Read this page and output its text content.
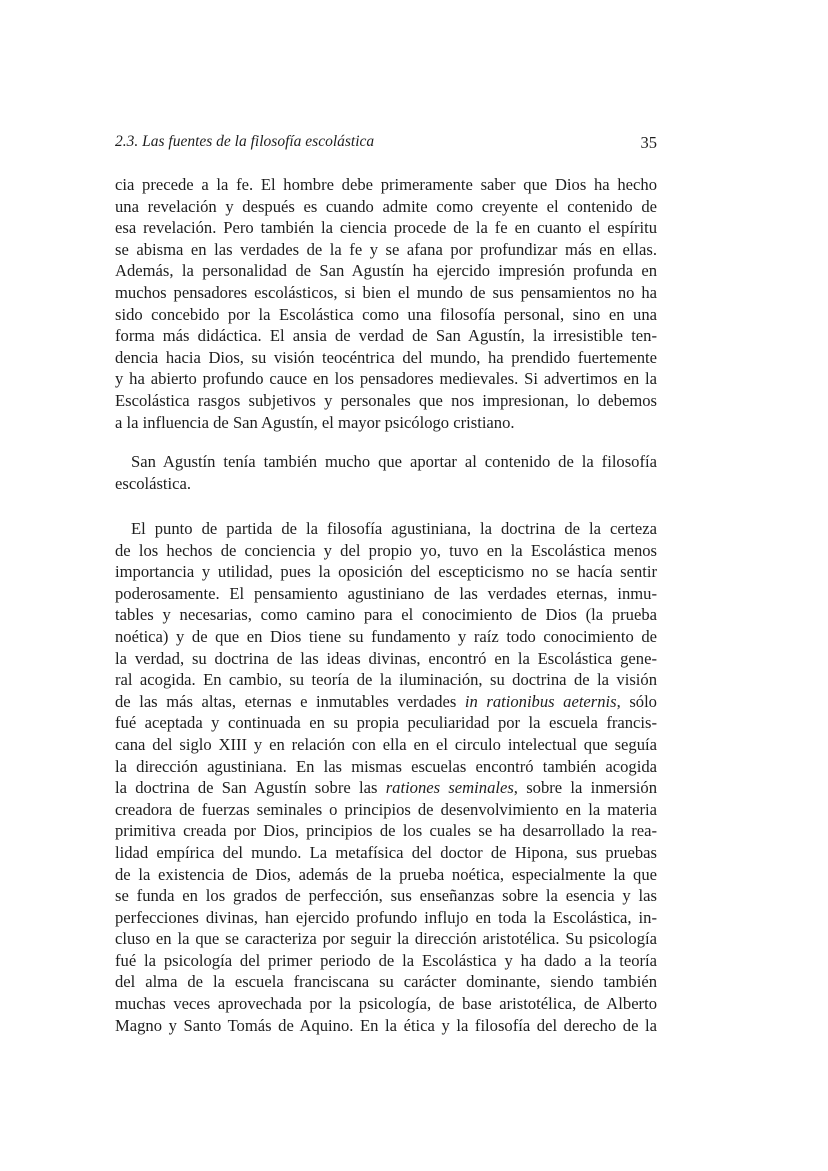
2.3. Las fuentes de la filosofía escolástica	35
cia precede a la fe. El hombre debe primeramente saber que Dios ha hecho
una revelación y después es cuando admite como creyente el contenido de
esa revelación. Pero también la ciencia procede de la fe en cuanto el espíritu
se abisma en las verdades de la fe y se afana por profundizar más en ellas.
Además, la personalidad de San Agustín ha ejercido impresión profunda en
muchos pensadores escolásticos, si bien el mundo de sus pensamientos no ha
sido concebido por la Escolástica como una filosofía personal, sino en una
forma más didáctica. El ansia de verdad de San Agustín, la irresistible ten-
dencia hacia Dios, su visión teocéntrica del mundo, ha prendido fuertemente
y ha abierto profundo cauce en los pensadores medievales. Si advertimos en la
Escolástica rasgos subjetivos y personales que nos impresionan, lo debemos
a la influencia de San Agustín, el mayor psicólogo cristiano.
San Agustín tenía también mucho que aportar al contenido de la filosofía
escolástica.
El punto de partida de la filosofía agustiniana, la doctrina de la certeza
de los hechos de conciencia y del propio yo, tuvo en la Escolástica menos
importancia y utilidad, pues la oposición del escepticismo no se hacía sentir
poderosamente. El pensamiento agustiniano de las verdades eternas, inmu-
tables y necesarias, como camino para el conocimiento de Dios (la prueba
noética) y de que en Dios tiene su fundamento y raíz todo conocimiento de
la verdad, su doctrina de las ideas divinas, encontró en la Escolástica gene-
ral acogida. En cambio, su teoría de la iluminación, su doctrina de la visión
de las más altas, eternas e inmutables verdades in rationibus aeternis, sólo
fué aceptada y continuada en su propia peculiaridad por la escuela francis-
cana del siglo XIII y en relación con ella en el circulo intelectual que seguía
la dirección agustiniana. En las mismas escuelas encontró también acogida
la doctrina de San Agustín sobre las rationes seminales, sobre la inmersión
creadora de fuerzas seminales o principios de desenvolvimiento en la materia
primitiva creada por Dios, principios de los cuales se ha desarrollado la rea-
lidad empírica del mundo. La metafísica del doctor de Hipona, sus pruebas
de la existencia de Dios, además de la prueba noética, especialmente la que
se funda en los grados de perfección, sus enseñanzas sobre la esencia y las
perfecciones divinas, han ejercido profundo influjo en toda la Escolástica, in-
cluso en la que se caracteriza por seguir la dirección aristotélica. Su psicología
fué la psicología del primer periodo de la Escolástica y ha dado a la teoría
del alma de la escuela franciscana su carácter dominante, siendo también
muchas veces aprovechada por la psicología, de base aristotélica, de Alberto
Magno y Santo Tomás de Aquino. En la ética y la filosofía del derecho de la
